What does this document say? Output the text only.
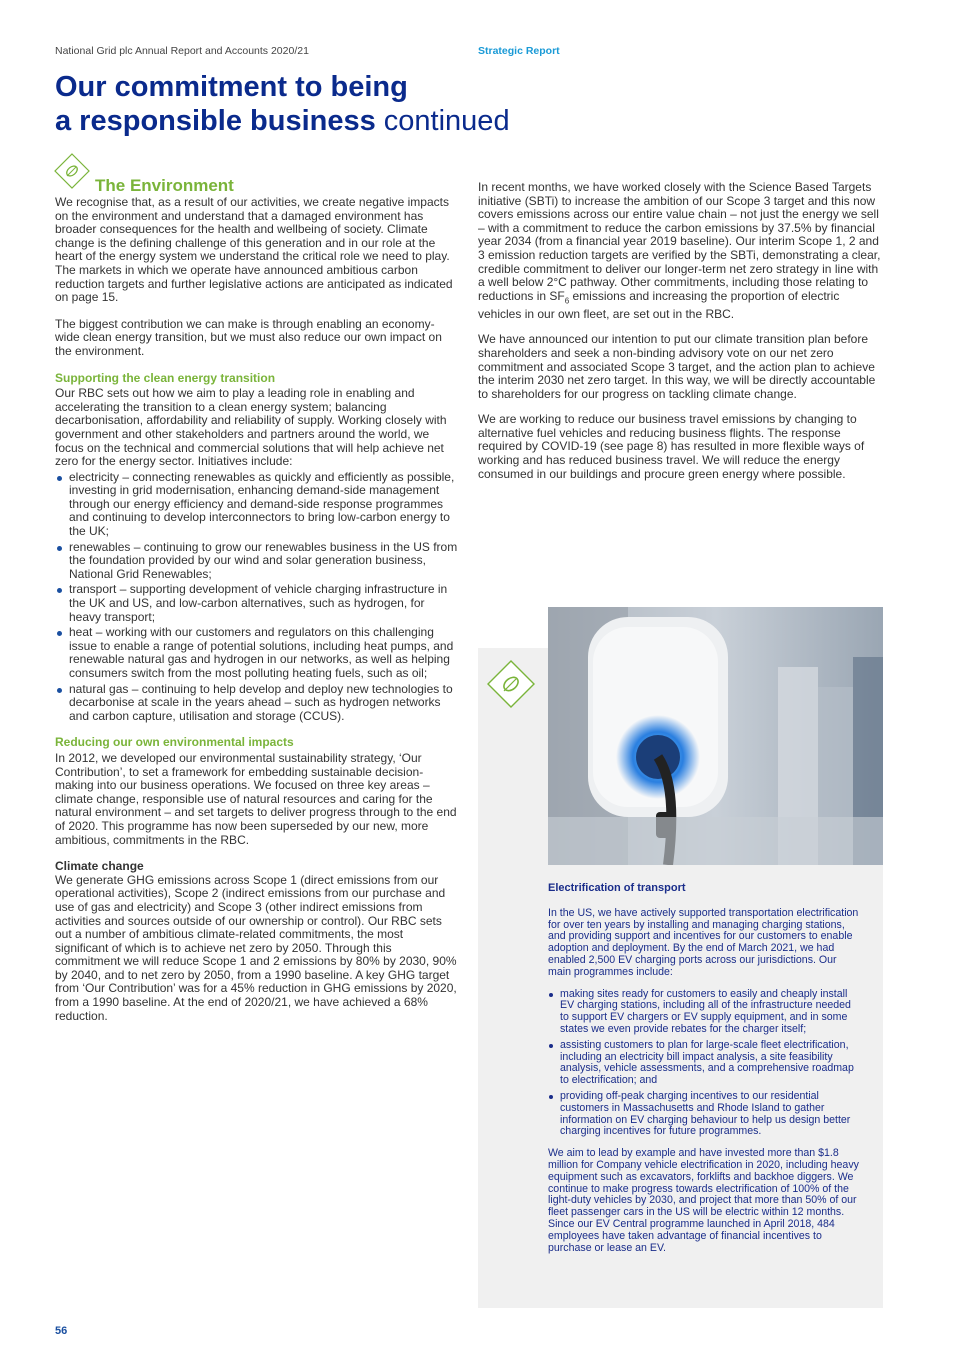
National Grid plc Annual Report and Accounts 2020/21	Strategic Report
Our commitment to being
a responsible business continued
The Environment

We recognise that, as a result of our activities, we create negative impacts on the environment and understand that a damaged environment has broader consequences for the health and wellbeing of society. Climate change is the defining challenge of this generation and in our role at the heart of the energy system we understand the critical role we need to play. The markets in which we operate have announced ambitious carbon reduction targets and further legislative actions are anticipated as indicated on page 15.

The biggest contribution we can make is through enabling an economy-wide clean energy transition, but we must also reduce our own impact on the environment.

Supporting the clean energy transition

Our RBC sets out how we aim to play a leading role in enabling and accelerating the transition to a clean energy system; balancing decarbonisation, affordability and reliability of supply. Working closely with government and other stakeholders and partners around the world, we focus on the technical and commercial solutions that will help achieve net zero for the energy sector. Initiatives include:

electricity – connecting renewables as quickly and efficiently as possible, investing in grid modernisation, enhancing demand-side management through our energy efficiency and demand-side response programmes and continuing to develop interconnectors to bring low-carbon energy to the UK;
renewables – continuing to grow our renewables business in the US from the foundation provided by our wind and solar generation business, National Grid Renewables;
transport – supporting development of vehicle charging infrastructure in the UK and US, and low-carbon alternatives, such as hydrogen, for heavy transport;
heat – working with our customers and regulators on this challenging issue to enable a range of potential solutions, including heat pumps, and renewable natural gas and hydrogen in our networks, as well as helping consumers switch from the most polluting heating fuels, such as oil;
natural gas – continuing to help develop and deploy new technologies to decarbonise at scale in the years ahead – such as hydrogen networks and carbon capture, utilisation and storage (CCUS).
Reducing our own environmental impacts

In 2012, we developed our environmental sustainability strategy, ‘Our Contribution’, to set a framework for embedding sustainable decision-making into our business operations. We focused on three key areas – climate change, responsible use of natural resources and caring for the natural environment – and set targets to deliver progress through to the end of 2020. This programme has now been superseded by our new, more ambitious, commitments in the RBC.

Climate change

We generate GHG emissions across Scope 1 (direct emissions from our operational activities), Scope 2 (indirect emissions from our purchase and use of gas and electricity) and Scope 3 (other indirect emissions from activities and sources outside of our ownership or control). Our RBC sets out a number of ambitious climate-related commitments, the most significant of which is to achieve net zero by 2050. Through this commitment we will reduce Scope 1 and 2 emissions by 80% by 2030, 90% by 2040, and to net zero by 2050, from a 1990 baseline. A key GHG target from ‘Our Contribution’ was for a 45% reduction in GHG emissions by 2020, from a 1990 baseline. At the end of 2020/21, we have achieved a 68% reduction.

In recent months, we have worked closely with the Science Based Targets initiative (SBTi) to increase the ambition of our Scope 3 target and this now covers emissions across our entire value chain – not just the energy we sell – with a commitment to reduce the carbon emissions by 37.5% by financial year 2034 (from a financial year 2019 baseline). Our interim Scope 1, 2 and 3 emission reduction targets are verified by the SBTi, demonstrating a clear, credible commitment to deliver our longer-term net zero strategy in line with a well below 2°C pathway. Other commitments, including those relating to reductions in $SF_6$ emissions and increasing the proportion of electric vehicles in our own fleet, are set out in the RBC.

We have announced our intention to put our climate transition plan before shareholders and seek a non-binding advisory vote on our net zero commitment and associated Scope 3 target, and the action plan to achieve the interim 2030 net zero target. In this way, we will be directly accountable to shareholders for our progress on tackling climate change.

We are working to reduce our business travel emissions by changing to alternative fuel vehicles and reducing business flights. The response required by COVID-19 (see page 8) has resulted in more flexible ways of working and has reduced business travel. We will reduce the energy consumed in our buildings and procure green energy where possible.

Electrification of transport

In the US, we have actively supported transportation electrification for over ten years by installing and managing charging stations, and providing support and incentives for our customers to enable adoption and deployment. By the end of March 2021, we had enabled 2,500 EV charging ports across our jurisdictions. Our main programmes include:

making sites ready for customers to easily and cheaply install EV charging stations, including all of the infrastructure needed to support EV chargers or EV supply equipment, and in some states we even provide rebates for the charger itself;
assisting customers to plan for large-scale fleet electrification, including an electricity bill impact analysis, a site feasibility analysis, vehicle assessments, and a comprehensive roadmap to electrification; and
providing off-peak charging incentives to our residential customers in Massachusetts and Rhode Island to gather information on EV charging behaviour to help us design better charging incentives for future programmes.

We aim to lead by example and have invested more than $1.8 million for Company vehicle electrification in 2020, including heavy equipment such as excavators, forklifts and backhoe diggers. We continue to make progress towards electrification of 100% of the light-duty vehicles by 2030, and project that more than 50% of our fleet passenger cars in the US will be electric within 12 months. Since our EV Central programme launched in April 2018, 484 employees have taken advantage of financial incentives to purchase or lease an EV.

56
